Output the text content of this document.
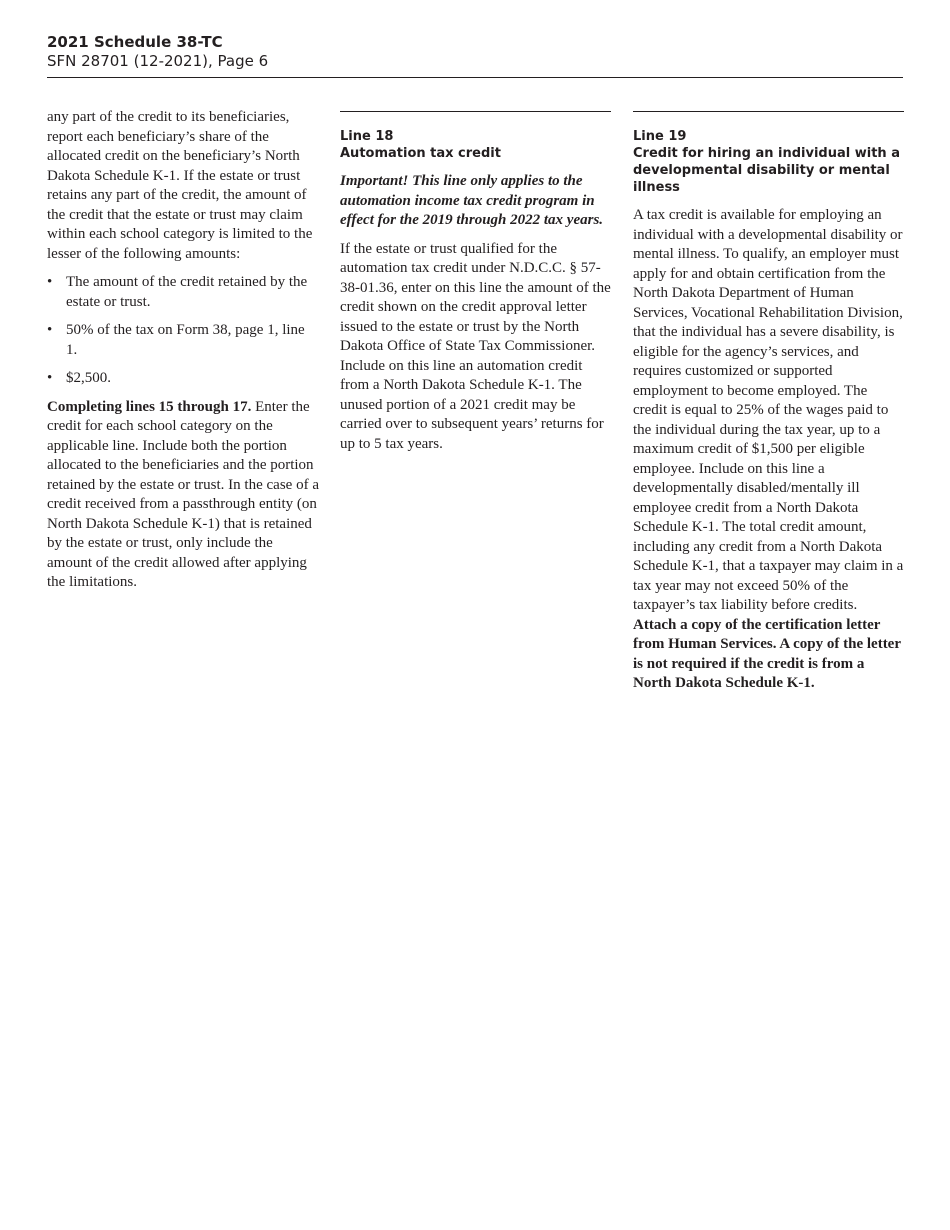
2021 Schedule 38-TC
SFN 28701 (12-2021), Page 6

any part of the credit to its beneficiaries, report each beneficiary’s share of the allocated credit on the beneficiary’s North Dakota Schedule K-1. If the estate or trust retains any part of the credit, the amount of the credit that the estate or trust may claim within each school category is limited to the lesser of the following amounts:

• The amount of the credit retained by the estate or trust.
• 50% of the tax on Form 38, page 1, line 1.
• $2,500.

Completing lines 15 through 17. Enter the credit for each school category on the applicable line. Include both the portion allocated to the beneficiaries and the portion retained by the estate or trust. In the case of a credit received from a passthrough entity (on North Dakota Schedule K-1) that is retained by the estate or trust, only include the amount of the credit allowed after applying the limitations.

Line 18
Automation tax credit

Important! This line only applies to the automation income tax credit program in effect for the 2019 through 2022 tax years.

If the estate or trust qualified for the automation tax credit under N.D.C.C. § 57-38-01.36, enter on this line the amount of the credit shown on the credit approval letter issued to the estate or trust by the North Dakota Office of State Tax Commissioner. Include on this line an automation credit from a North Dakota Schedule K-1. The unused portion of a 2021 credit may be carried over to subsequent years’ returns for up to 5 tax years.

Line 19
Credit for hiring an individual with a developmental disability or mental illness

A tax credit is available for employing an individual with a developmental disability or mental illness. To qualify, an employer must apply for and obtain certification from the North Dakota Department of Human Services, Vocational Rehabilitation Division, that the individual has a severe disability, is eligible for the agency’s services, and requires customized or supported employment to become employed. The credit is equal to 25% of the wages paid to the individual during the tax year, up to a maximum credit of $1,500 per eligible employee. Include on this line a developmentally disabled/mentally ill employee credit from a North Dakota Schedule K-1. The total credit amount, including any credit from a North Dakota Schedule K-1, that a taxpayer may claim in a tax year may not exceed 50% of the taxpayer’s tax liability before credits. Attach a copy of the certification letter from Human Services. A copy of the letter is not required if the credit is from a North Dakota Schedule K-1.
